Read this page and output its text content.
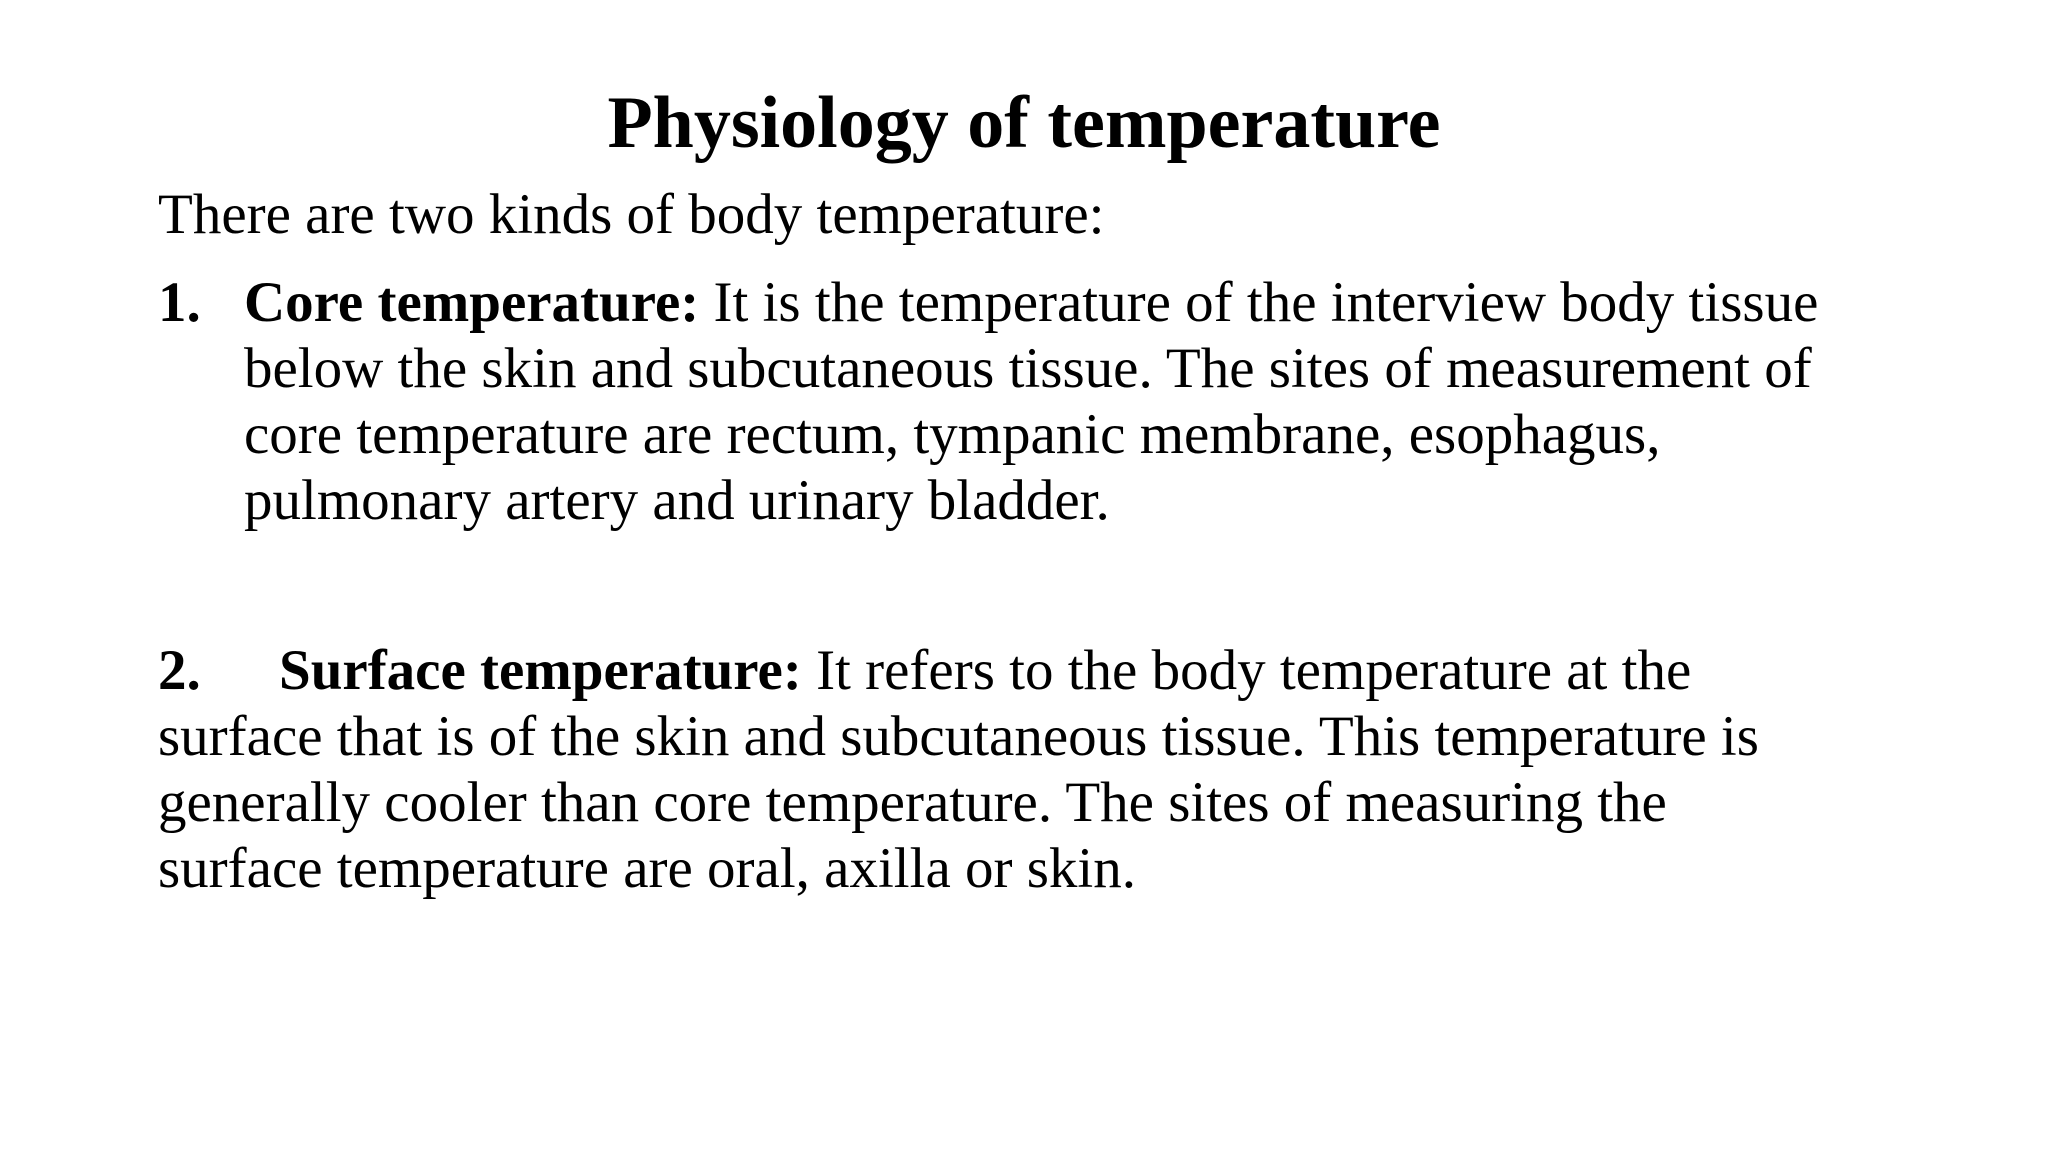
Physiology of temperature

There are two kinds of body temperature:

1. Core temperature: It is the temperature of the interview body tissue
below the skin and subcutaneous tissue. The sites of measurement of
core temperature are rectum, tympanic membrane, esophagus,
pulmonary artery and urinary bladder.
2. Surface temperature: It refers to the body temperature at the
surface that is of the skin and subcutaneous tissue. This temperature is
generally cooler than core temperature. The sites of measuring the
surface temperature are oral, axilla or skin.
